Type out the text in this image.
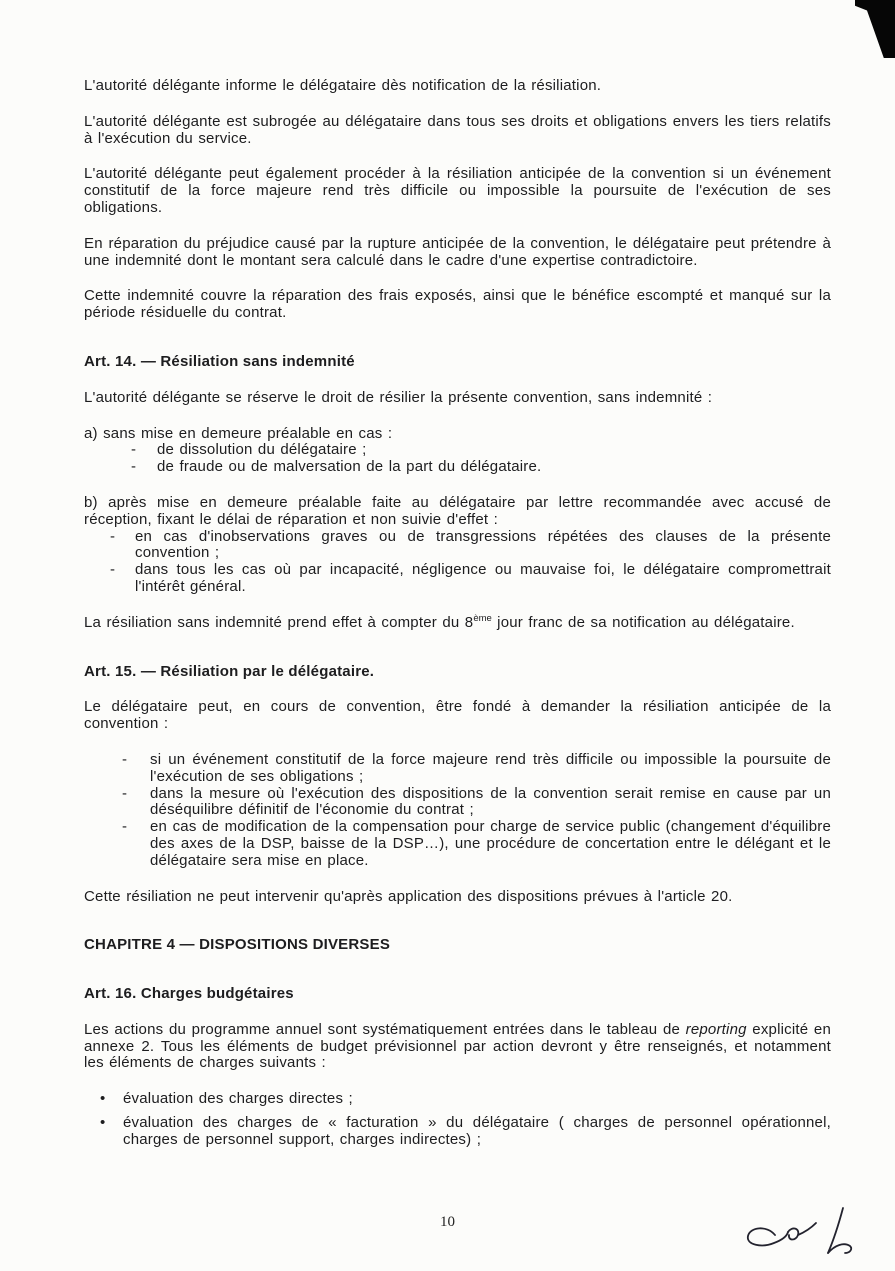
L'autorité délégante informe le délégataire dès notification de la résiliation.

L'autorité délégante est subrogée au délégataire dans tous ses droits et obligations envers les tiers relatifs à l'exécution du service.

L'autorité délégante peut également procéder à la résiliation anticipée de la convention si un événement constitutif de la force majeure rend très difficile ou impossible la poursuite de l'exécution de ses obligations.

En réparation du préjudice causé par la rupture anticipée de la convention, le délégataire peut prétendre à une indemnité dont le montant sera calculé dans le cadre d'une expertise contradictoire.

Cette indemnité couvre la réparation des frais exposés, ainsi que le bénéfice escompté et manqué sur la période résiduelle du contrat.

Art. 14. — Résiliation sans indemnité

L'autorité délégante se réserve le droit de résilier la présente convention, sans indemnité :

a) sans mise en demeure préalable en cas :

-	de dissolution du délégataire ;
-	de fraude ou de malversation de la part du délégataire.

b) après mise en demeure préalable faite au délégataire par lettre recommandée avec accusé de réception, fixant le délai de réparation et non suivie d'effet :

-	en cas d'inobservations graves ou de transgressions répétées des clauses de la présente convention ;
-	dans tous les cas où par incapacité, négligence ou mauvaise foi, le délégataire compromettrait l'intérêt général.

La résiliation sans indemnité prend effet à compter du 8ème jour franc de sa notification au délégataire.

Art. 15. — Résiliation par le délégataire.

Le délégataire peut, en cours de convention, être fondé à demander la résiliation anticipée de la convention :

-	si un événement constitutif de la force majeure rend très difficile ou impossible la poursuite de l'exécution de ses obligations ;
-	dans la mesure où l'exécution des dispositions de la convention serait remise en cause par un déséquilibre définitif de l'économie du contrat ;
-	en cas de modification de la compensation pour charge de service public (changement d'équilibre des axes de la DSP, baisse de la DSP…), une procédure de concertation entre le délégant et le délégataire sera mise en place.

Cette résiliation ne peut intervenir qu'après application des dispositions prévues à l'article 20.

CHAPITRE 4 — DISPOSITIONS DIVERSES
Art. 16. Charges budgétaires

Les actions du programme annuel sont systématiquement entrées dans le tableau de reporting explicité en annexe 2. Tous les éléments de budget prévisionnel par action devront y être renseignés, et notamment les éléments de charges suivants :

•	évaluation des charges directes ;
•	évaluation des charges de « facturation » du délégataire ( charges de personnel opérationnel, charges de personnel support, charges indirectes) ;
10
